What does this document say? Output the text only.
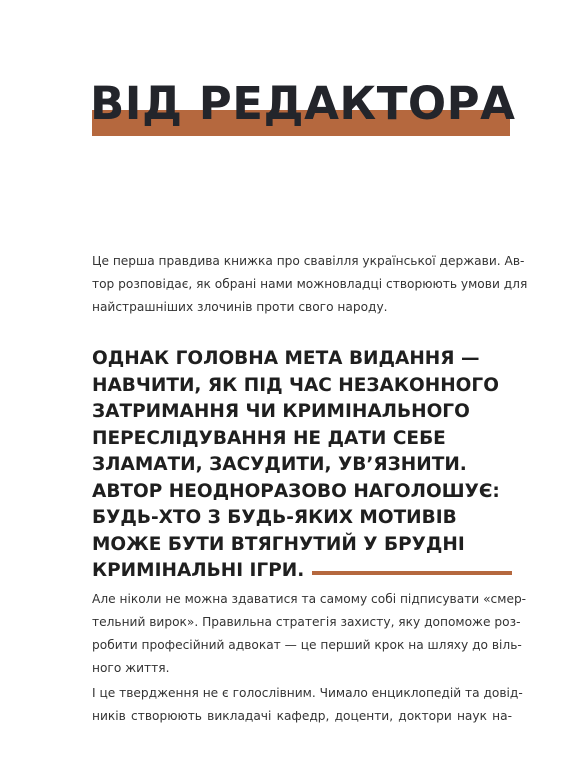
ВІД РЕДАКТОРА
Це перша правдива книжка про свавілля української держави. Ав-
тор розповідає, як обрані нами можновладці створюють умови для
найстрашніших злочинів проти свого народу.
ОДНАК ГОЛОВНА МЕТА ВИДАННЯ —
НАВЧИТИ, ЯК ПІД ЧАС НЕЗАКОННОГО
ЗАТРИМАННЯ ЧИ КРИМІНАЛЬНОГО
ПЕРЕСЛІДУВАННЯ НЕ ДАТИ СЕБЕ
ЗЛАМАТИ, ЗАСУДИТИ, УВ’ЯЗНИТИ.
АВТОР НЕОДНОРАЗОВО НАГОЛОШУЄ:
БУДЬ-ХТО З БУДЬ-ЯКИХ МОТИВІВ
МОЖЕ БУТИ ВТЯГНУТИЙ У БРУДНІ
КРИМІНАЛЬНІ ІГРИ.
Але ніколи не можна здаватися та самому собі підписувати «смер-
тельний вирок». Правильна стратегія захисту, яку допоможе роз-
робити професійний адвокат — це перший крок на шляху до віль-
ного життя.
І це твердження не є голослівним. Чимало енциклопедій та довід-
ників створюють викладачі кафедр, доценти, доктори наук на-
